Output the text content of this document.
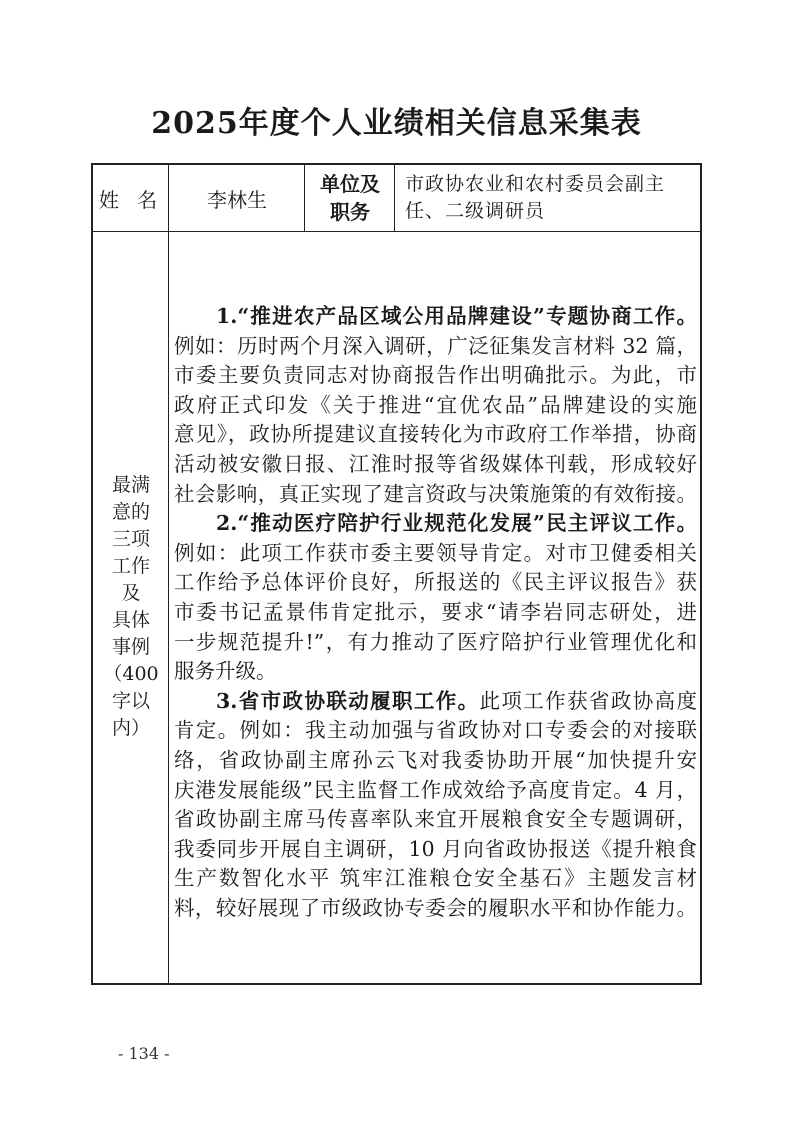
2025年度个人业绩相关信息采集表
姓 名	李林生
单位及
职务
市政协农业和农村委员会副主
任、二级调研员
最满
意的
三项
工作
及
具体
事例
（400
字以
内）
1.“推进农产品区域公用品牌建设”专题协商工作。
例如：历时两个月深入调研，广泛征集发言材料 32 篇，
市委主要负责同志对协商报告作出明确批示。为此，市
政府正式印发《关于推进“宜优农品”品牌建设的实施
意见》，政协所提建议直接转化为市政府工作举措，协商
活动被安徽日报、江淮时报等省级媒体刊载，形成较好
社会影响，真正实现了建言资政与决策施策的有效衔接。
2.“推动医疗陪护行业规范化发展”民主评议工作。
例如：此项工作获市委主要领导肯定。对市卫健委相关
工作给予总体评价良好，所报送的《民主评议报告》获
市委书记孟景伟肯定批示，要求“请李岩同志研处，进
一步规范提升!”，有力推动了医疗陪护行业管理优化和
服务升级。
3.省市政协联动履职工作。此项工作获省政协高度
肯定。例如：我主动加强与省政协对口专委会的对接联
络，省政协副主席孙云飞对我委协助开展“加快提升安
庆港发展能级”民主监督工作成效给予高度肯定。4 月，
省政协副主席马传喜率队来宜开展粮食安全专题调研，
我委同步开展自主调研，10 月向省政协报送《提升粮食
生产数智化水平 筑牢江淮粮仓安全基石》主题发言材
料，较好展现了市级政协专委会的履职水平和协作能力。
- 134 -
